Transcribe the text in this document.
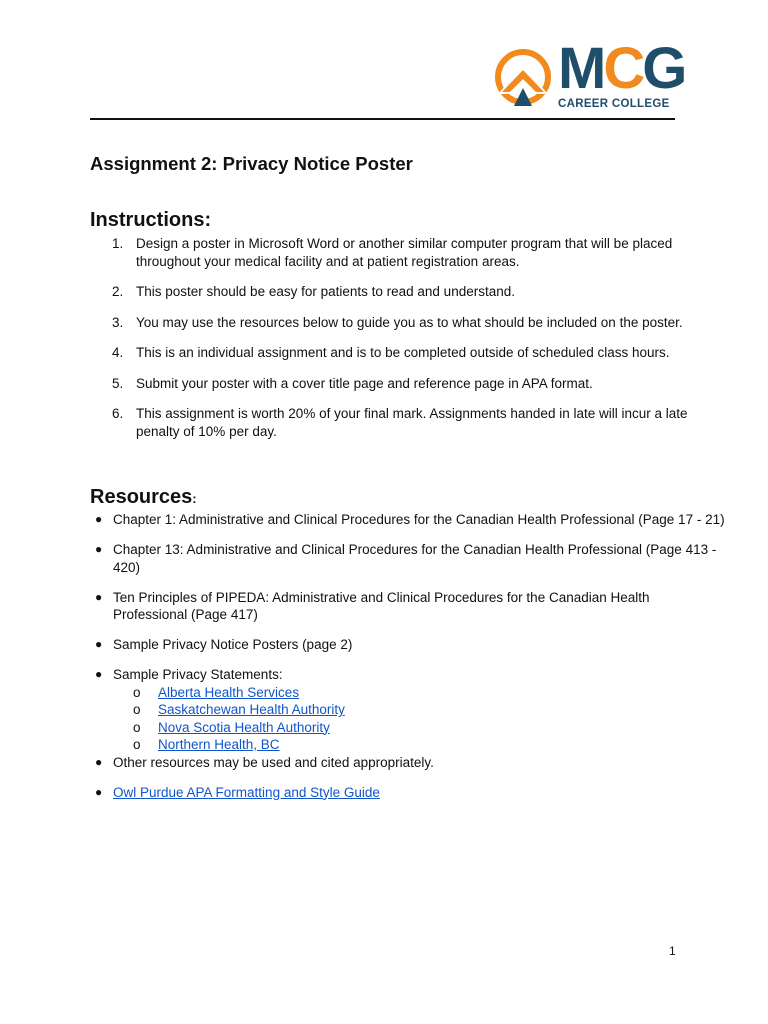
MCG
CAREER COLLEGE
Assignment 2: Privacy Notice Poster
Instructions:
1. Design a poster in Microsoft Word or another similar computer program that will be placed throughout your medical facility and at patient registration areas.
2. This poster should be easy for patients to read and understand.
3. You may use the resources below to guide you as to what should be included on the poster.
4. This is an individual assignment and is to be completed outside of scheduled class hours.
5. Submit your poster with a cover title page and reference page in APA format.
6. This assignment is worth 20% of your final mark. Assignments handed in late will incur a late penalty of 10% per day.
Resources:
● Chapter 1: Administrative and Clinical Procedures for the Canadian Health Professional (Page 17 - 21)
● Chapter 13: Administrative and Clinical Procedures for the Canadian Health Professional (Page 413 - 420)
● Ten Principles of PIPEDA: Administrative and Clinical Procedures for the Canadian Health Professional (Page 417)
● Sample Privacy Notice Posters (page 2)
● Sample Privacy Statements:
o Alberta Health Services
o Saskatchewan Health Authority
o Nova Scotia Health Authority
o Northern Health, BC
● Other resources may be used and cited appropriately.
● Owl Purdue APA Formatting and Style Guide
1
